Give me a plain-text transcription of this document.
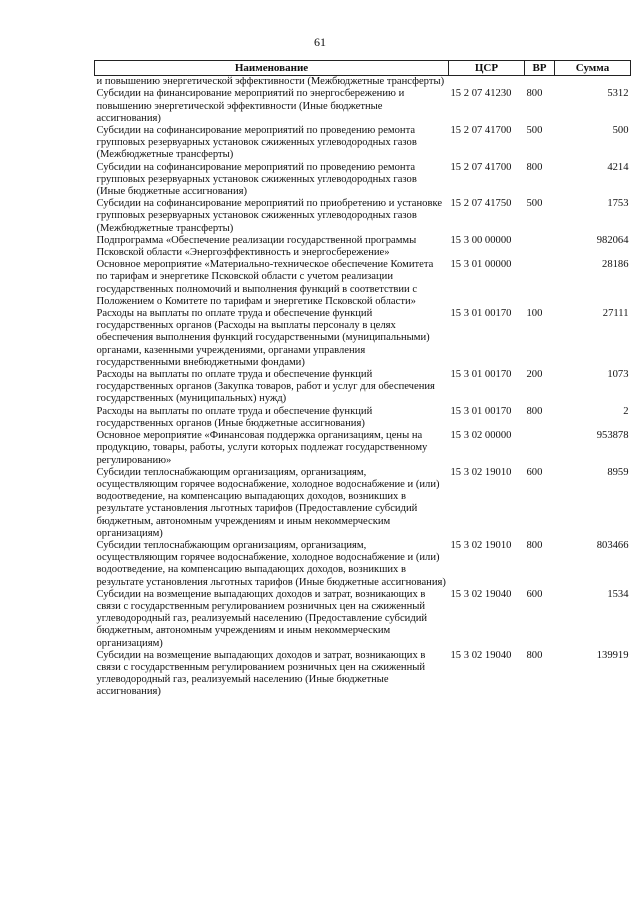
61
Наименование	ЦСР	ВР	Сумма
и повышению энергетической эффективности (Межбюджетные трансферты)			
Субсидии на финансирование мероприятий по энергосбережению и повышению энергетической эффективности (Иные бюджетные ассигнования)	15 2 07 41230	800	5312
Субсидии на софинансирование мероприятий по проведению ремонта групповых резервуарных установок сжиженных углеводородных газов (Межбюджетные трансферты)	15 2 07 41700	500	500
Субсидии на софинансирование мероприятий по проведению ремонта групповых резервуарных установок сжиженных углеводородных газов (Иные бюджетные ассигнования)	15 2 07 41700	800	4214
Субсидии на софинансирование мероприятий по приобретению и установке групповых резервуарных установок сжиженных углеводородных газов (Межбюджетные трансферты)	15 2 07 41750	500	1753
Подпрограмма «Обеспечение реализации государственной программы Псковской области «Энергоэффективность и энергосбережение»	15 3 00 00000		982064
Основное мероприятие «Материально-техническое обеспечение Комитета по тарифам и энергетике Псковской области с учетом реализации государственных полномочий и выполнения функций в соответствии с Положением о Комитете по тарифам и энергетике Псковской области»	15 3 01 00000		28186
Расходы на выплаты по оплате труда и обеспечение функций государственных органов (Расходы на выплаты персоналу в целях обеспечения выполнения функций государственными (муниципальными) органами, казенными учреждениями, органами управления государственными внебюджетными фондами)	15 3 01 00170	100	27111
Расходы на выплаты по оплате труда и обеспечение функций государственных органов (Закупка товаров, работ и услуг для обеспечения государственных (муниципальных) нужд)	15 3 01 00170	200	1073
Расходы на выплаты по оплате труда и обеспечение функций государственных органов (Иные бюджетные ассигнования)	15 3 01 00170	800	2
Основное мероприятие «Финансовая поддержка организациям, цены на продукцию, товары, работы, услуги которых подлежат государственному регулированию»	15 3 02 00000		953878
Субсидии теплоснабжающим организациям, организациям, осуществляющим горячее водоснабжение, холодное водоснабжение и (или) водоотведение, на компенсацию выпадающих доходов, возникших в результате установления льготных тарифов (Предоставление субсидий бюджетным, автономным учреждениям и иным некоммерческим организациям)	15 3 02 19010	600	8959
Субсидии теплоснабжающим организациям, организациям, осуществляющим горячее водоснабжение, холодное водоснабжение и (или) водоотведение, на компенсацию выпадающих доходов, возникших в результате установления льготных тарифов (Иные бюджетные ассигнования)	15 3 02 19010	800	803466
Субсидии на возмещение выпадающих доходов и затрат, возникающих в связи с государственным регулированием розничных цен на сжиженный углеводородный газ, реализуемый населению (Предоставление субсидий бюджетным, автономным учреждениям и иным некоммерческим организациям)	15 3 02 19040	600	1534
Субсидии на возмещение выпадающих доходов и затрат, возникающих в связи с государственным регулированием розничных цен на сжиженный углеводородный газ, реализуемый населению (Иные бюджетные ассигнования)	15 3 02 19040	800	139919
